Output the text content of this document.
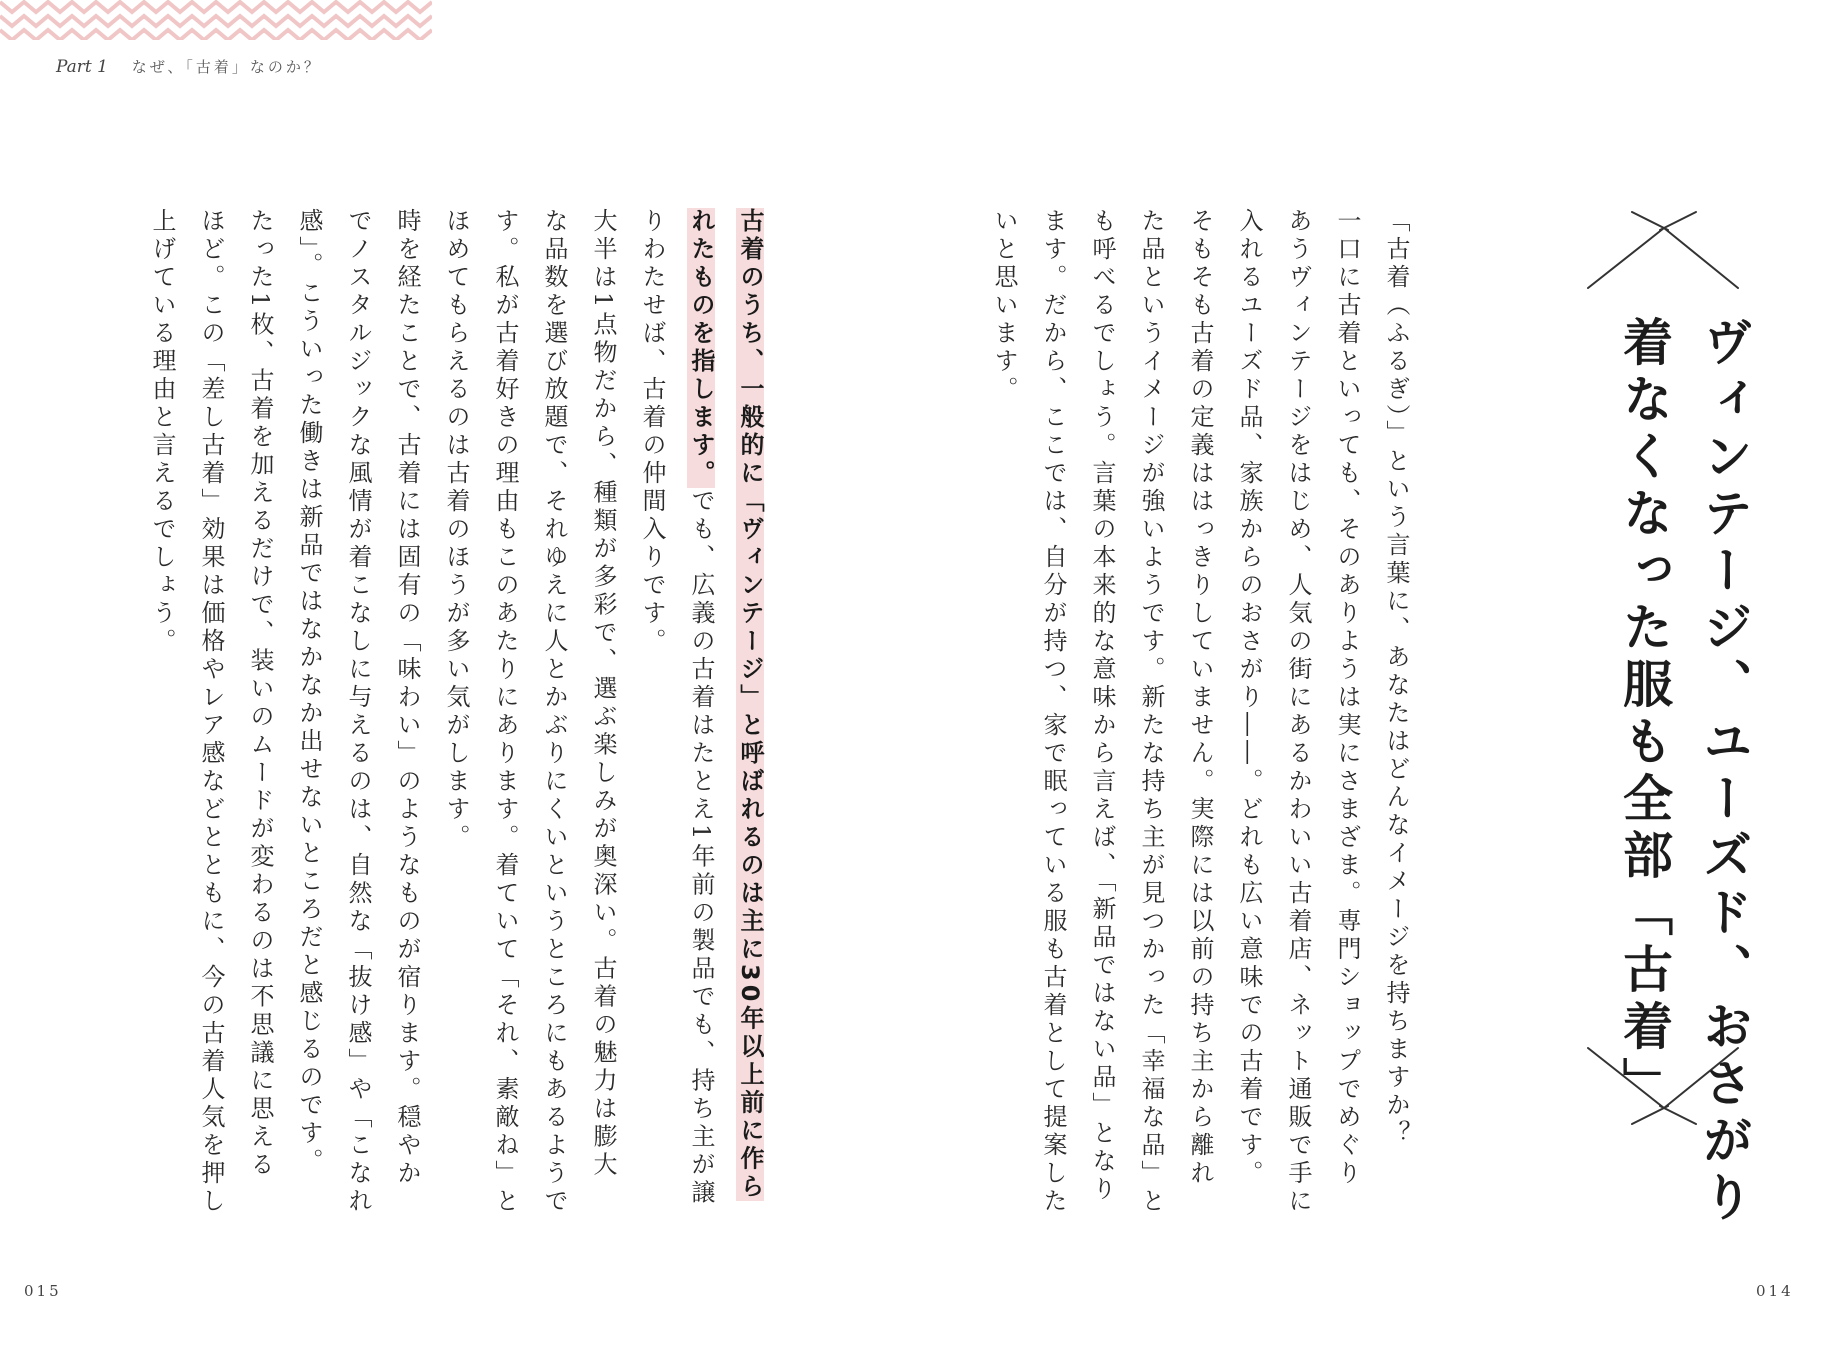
Part 1 なぜ、「古着」なのか？
ヴィンテージ、ユーズド、おさがり
着なくなった服も全部「古着」

「古着（ふるぎ）」という言葉に、あなたはどんなイメージを持ちますか？

一口に古着といっても、そのありようは実にさまざま。専門ショップでめぐり

あうヴィンテージをはじめ、人気の街にあるかわいい古着店、ネット通販で手に

入れるユーズド品、家族からのおさがり――。どれも広い意味での古着です。

そもそも古着の定義ははっきりしていません。実際には以前の持ち主から離れ

た品というイメージが強いようです。新たな持ち主が見つかった「幸福な品」と

も呼べるでしょう。言葉の本来的な意味から言えば、「新品ではない品」となり

ます。だから、ここでは、自分が持つ、家で眠っている服も古着として提案した

いと思います。

古着のうち、一般的に「ヴィンテージ」と呼ばれるのは主に30年以上前に作ら

れたものを指します。でも、広義の古着はたとえ1年前の製品でも、持ち主が譲

りわたせば、古着の仲間入りです。

大半は1点物だから、種類が多彩で、選ぶ楽しみが奥深い。古着の魅力は膨大

な品数を選び放題で、それゆえに人とかぶりにくいというところにもあるようで

す。私が古着好きの理由もこのあたりにあります。着ていて「それ、素敵ね」と

ほめてもらえるのは古着のほうが多い気がします。

時を経たことで、古着には固有の「味わい」のようなものが宿ります。穏やか

でノスタルジックな風情が着こなしに与えるのは、自然な「抜け感」や「こなれ

感」。こういった働きは新品ではなかなか出せないところだと感じるのです。

たった1枚、古着を加えるだけで、装いのムードが変わるのは不思議に思える

ほど。この「差し古着」効果は価格やレア感などとともに、今の古着人気を押し

上げている理由と言えるでしょう。

015	014
